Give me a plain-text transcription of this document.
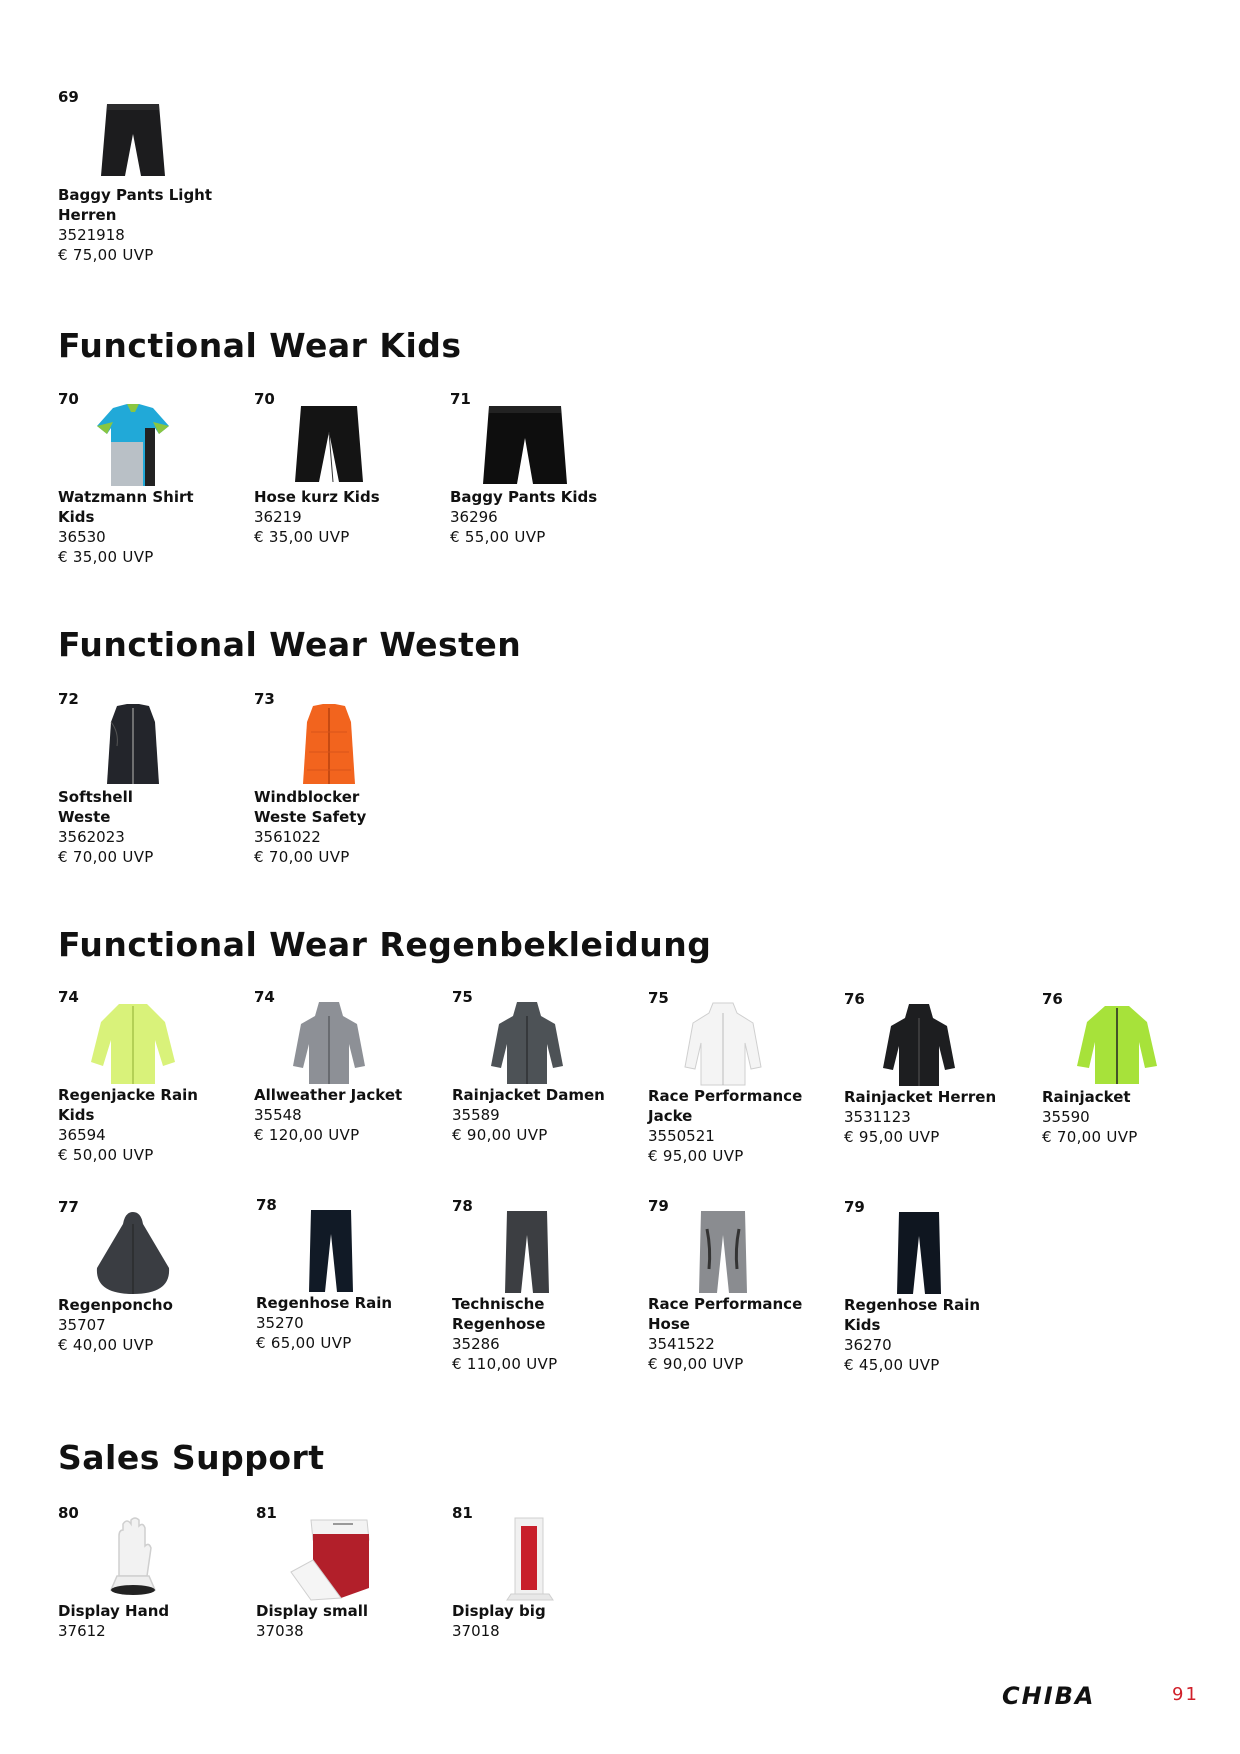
69
Baggy Pants Light
Herren
3521918
€ 75,00 UVP
Functional Wear Kids
70
Watzmann Shirt
Kids
36530
€ 35,00 UVP
70
Hose kurz Kids
36219
€ 35,00 UVP
71
Baggy Pants Kids
36296
€ 55,00 UVP
Functional Wear Westen
72
Softshell
Weste
3562023
€ 70,00 UVP
73
Windblocker
Weste Safety
3561022
€ 70,00 UVP
Functional Wear Regenbekleidung
74
Regenjacke Rain
Kids
36594
€ 50,00 UVP
74
Allweather Jacket
35548
€ 120,00 UVP
75
Rainjacket Damen
35589
€ 90,00 UVP
75
Race Performance
Jacke
3550521
€ 95,00 UVP
76
Rainjacket Herren
3531123
€ 95,00 UVP
76
Rainjacket
35590
€ 70,00 UVP
77
Regenponcho
35707
€ 40,00 UVP
78
Regenhose Rain
35270
€ 65,00 UVP
78
Technische
Regenhose
35286
€ 110,00 UVP
79
Race Performance
Hose
3541522
€ 90,00 UVP
79
Regenhose Rain
Kids
36270
€ 45,00 UVP
Sales Support
80
Display Hand
37612
81
Display small
37038
81
Display big
37018
CHIBA	91
